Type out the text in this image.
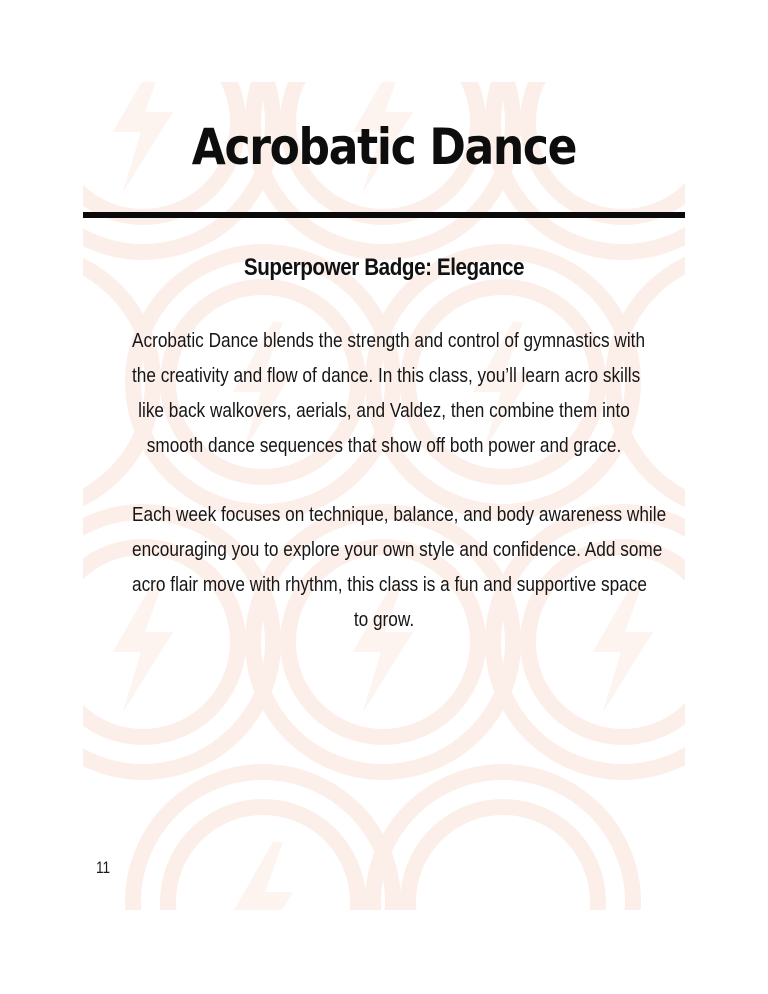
Acrobatic Dance
Superpower Badge: Elegance

Acrobatic Dance blends the strength and control of gymnastics with
the creativity and flow of dance. In this class, you’ll learn acro skills
like back walkovers, aerials, and Valdez, then combine them into
smooth dance sequences that show off both power and grace.

Each week focuses on technique, balance, and body awareness while
encouraging you to explore your own style and confidence. Add some
acro flair move with rhythm, this class is a fun and supportive space
to grow.

11
